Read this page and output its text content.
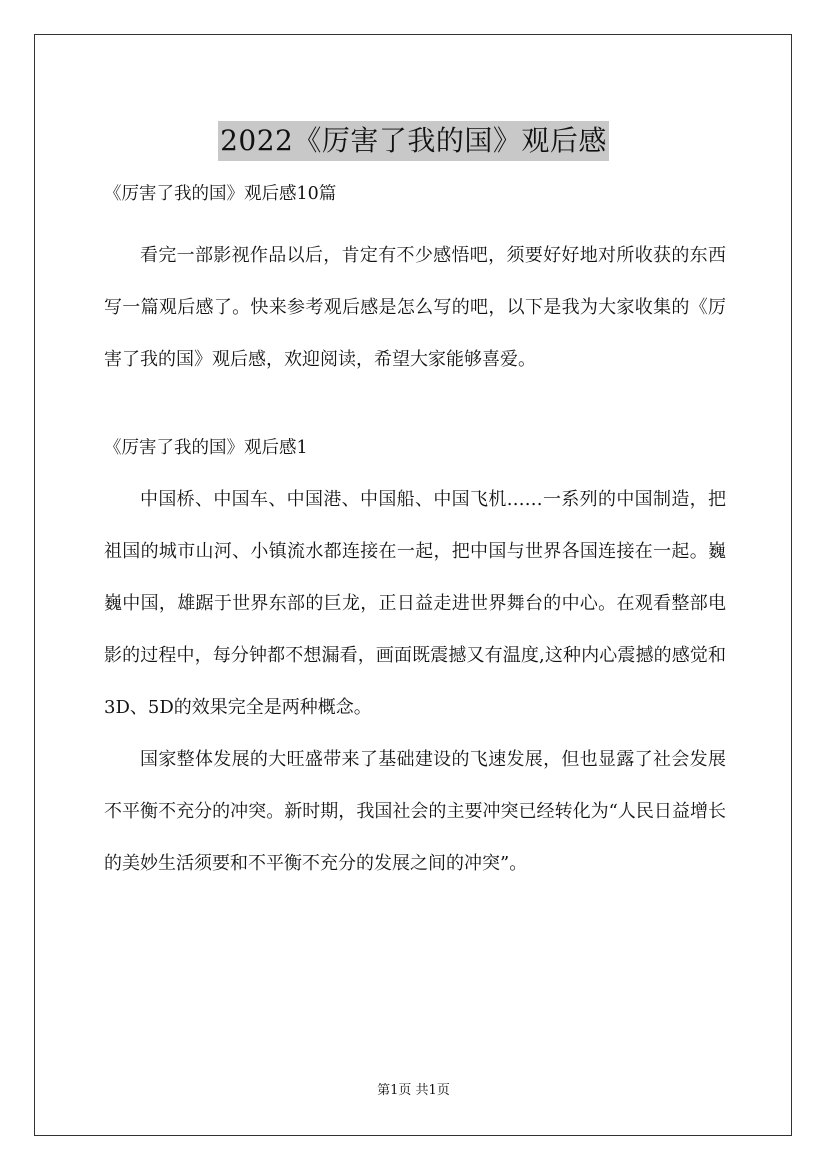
2022《厉害了我的国》观后感

《厉害了我的国》观后感10篇

看完一部影视作品以后，肯定有不少感悟吧，须要好好地对所收获的东西写一篇观后感了。快来参考观后感是怎么写的吧，以下是我为大家收集的《厉害了我的国》观后感，欢迎阅读，希望大家能够喜爱。

《厉害了我的国》观后感1

中国桥、中国车、中国港、中国船、中国飞机……一系列的中国制造，把祖国的城市山河、小镇流水都连接在一起，把中国与世界各国连接在一起。巍巍中国，雄踞于世界东部的巨龙，正日益走进世界舞台的中心。在观看整部电影的过程中，每分钟都不想漏看，画面既震撼又有温度,这种内心震撼的感觉和3D、5D的效果完全是两种概念。

国家整体发展的大旺盛带来了基础建设的飞速发展，但也显露了社会发展不平衡不充分的冲突。新时期，我国社会的主要冲突已经转化为“人民日益增长的美妙生活须要和不平衡不充分的发展之间的冲突”。

第1页 共1页
